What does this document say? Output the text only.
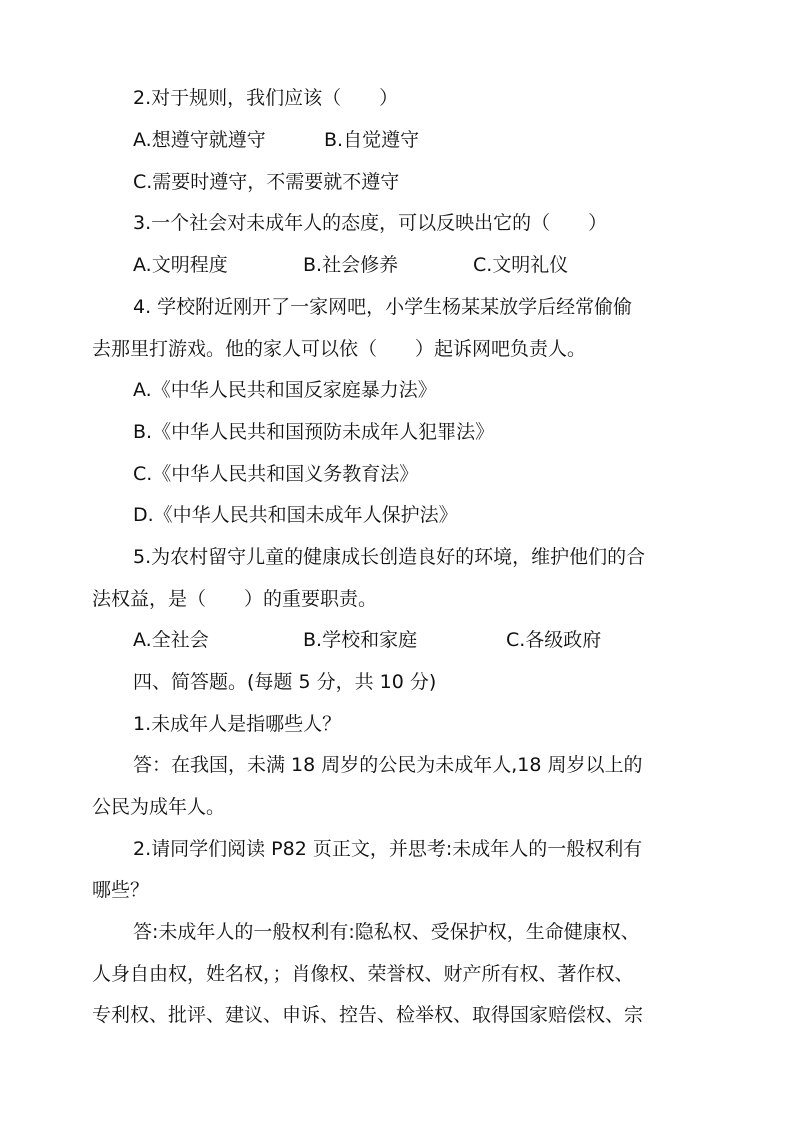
2.对于规则，我们应该（　　）
A.想遵守就遵守	B.自觉遵守
C.需要时遵守，不需要就不遵守
3.一个社会对未成年人的态度，可以反映出它的（　　）
A.文明程度	B.社会修养	C.文明礼仪
4. 学校附近刚开了一家网吧，小学生杨某某放学后经常偷偷
去那里打游戏。他的家人可以依（　　）起诉网吧负责人。
A.《中华人民共和国反家庭暴力法》
B.《中华人民共和国预防未成年人犯罪法》
C.《中华人民共和国义务教育法》
D.《中华人民共和国未成年人保护法》
5.为农村留守儿童的健康成长创造良好的环境，维护他们的合
法权益，是（　　）的重要职责。
A.全社会	B.学校和家庭	C.各级政府
四、简答题。(每题 5 分，共 10 分)
1.未成年人是指哪些人？
答：在我国，未满 18 周岁的公民为未成年人,18 周岁以上的
公民为成年人。
2.请同学们阅读 P82 页正文，并思考:未成年人的一般权利有
哪些？
答:未成年人的一般权利有:隐私权、受保护权，生命健康权、
人身自由权，姓名权，；肖像权、荣誉权、财产所有权、著作权、
专利权、批评、建议、申诉、控告、检举权、取得国家赔偿权、宗
